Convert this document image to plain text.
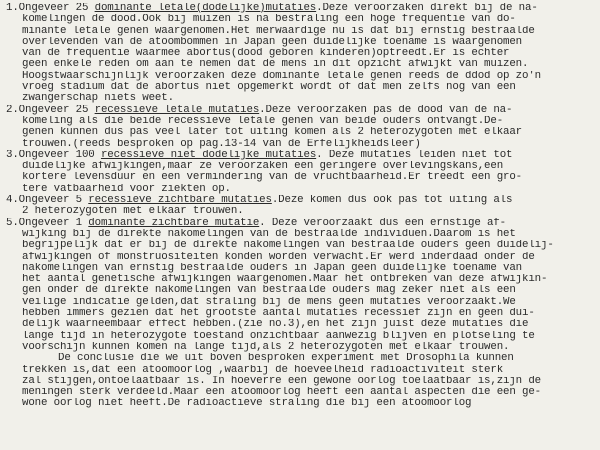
1.Ongeveer 25 dominante letale(dodelijke)mutaties.Deze veroorzaken direkt bij de na-
komelingen de dood.Ook bij muizen is na bestraling een hoge frequentie van do-
minante letale genen waargenomen.Het merwaardige nu is dat bij ernstig bestraalde
overlevenden van de atoombommen in Japan geen duidelijke toename is waargenomen
van de frequentie waarmee abortus(dood geboren kinderen)optreedt.Er is echter
geen enkele reden om aan te nemen dat de mens in dit opzicht afwijkt van muizen.
Hoogstwaarschijnlijk veroorzaken deze dominante letale genen reeds de ddod op zo'n
vroeg stadium dat de abortus niet opgemerkt wordt of dat men zelfs nog van een
zwangerschap niets weet.
2.Ongeveer 25 recessieve letale mutaties.Deze veroorzaken pas de dood van de na-
komeling als die beide recessieve letale genen van beide ouders ontvangt.De-
genen kunnen dus pas veel later tot uiting komen als 2 heterozygoten met elkaar
trouwen.(reeds besproken op pag.13-14 van de Erfelijkheidsleer)
3.Ongeveer 100 recessieve niet dodelijke mutaties. Deze mutaties leiden niet tot
duidelijke afwijkingen,maar ze veroorzaken een geringere overlevingskans,een
kortere levensduur en een vermindering van de vruchtbaarheid.Er treedt een gro-
tere vatbaarheid voor ziekten op.
4.Ongeveer 5 recessieve zichtbare mutaties.Deze komen dus ook pas tot uiting als
2 heterozygoten met elkaar trouwen.
5.Ongeveer 1 dominante zichtbare mutatie. Deze veroorzaakt dus een ernstige af-
wijking bij de direkte nakomelingen van de bestraalde individuen.Daarom is het
begrijpelijk dat er bij de direkte nakomelingen van bestraalde ouders geen duidelij-
afwijkingen of monstruositeiten konden worden verwacht.Er werd inderdaad onder de
nakomelingen van ernstig bestraalde ouders in Japan geen duidelijke toename van
het aantal genetische afwijkingen waargenomen.Maar het ontbreken van deze afwijkin-
gen onder de direkte nakomelingen van bestraalde ouders mag zeker niet als een
veilige indicatie gelden,dat straling bij de mens geen mutaties veroorzaakt.We
hebben immers gezien dat het grootste aantal mutaties recessief zijn en geen dui-
delijk waarneembaar effect hebben.(zie no.3),en het zijn juist deze mutaties die
lange tijd in heterozygote toestand onzichtbaar aanwezig blijven en plotseling te
voorschijn kunnen komen na lange tijd,als 2 heterozygoten met elkaar trouwen.
De conclusie die we uit boven besproken experiment met Drosophila kunnen
trekken is,dat een atoomoorlog ,waarbij de hoeveelheid radioactiviteit sterk
zal stijgen,ontoelaatbaar is. In hoeverre een gewone oorlog toelaatbaar is,zijn de
meningen sterk verdeeld.Maar een atoomoorlog heeft een aantal aspecten die een ge-
wone oorlog niet heeft.De radioactieve straling die bij een atoomoorlog
